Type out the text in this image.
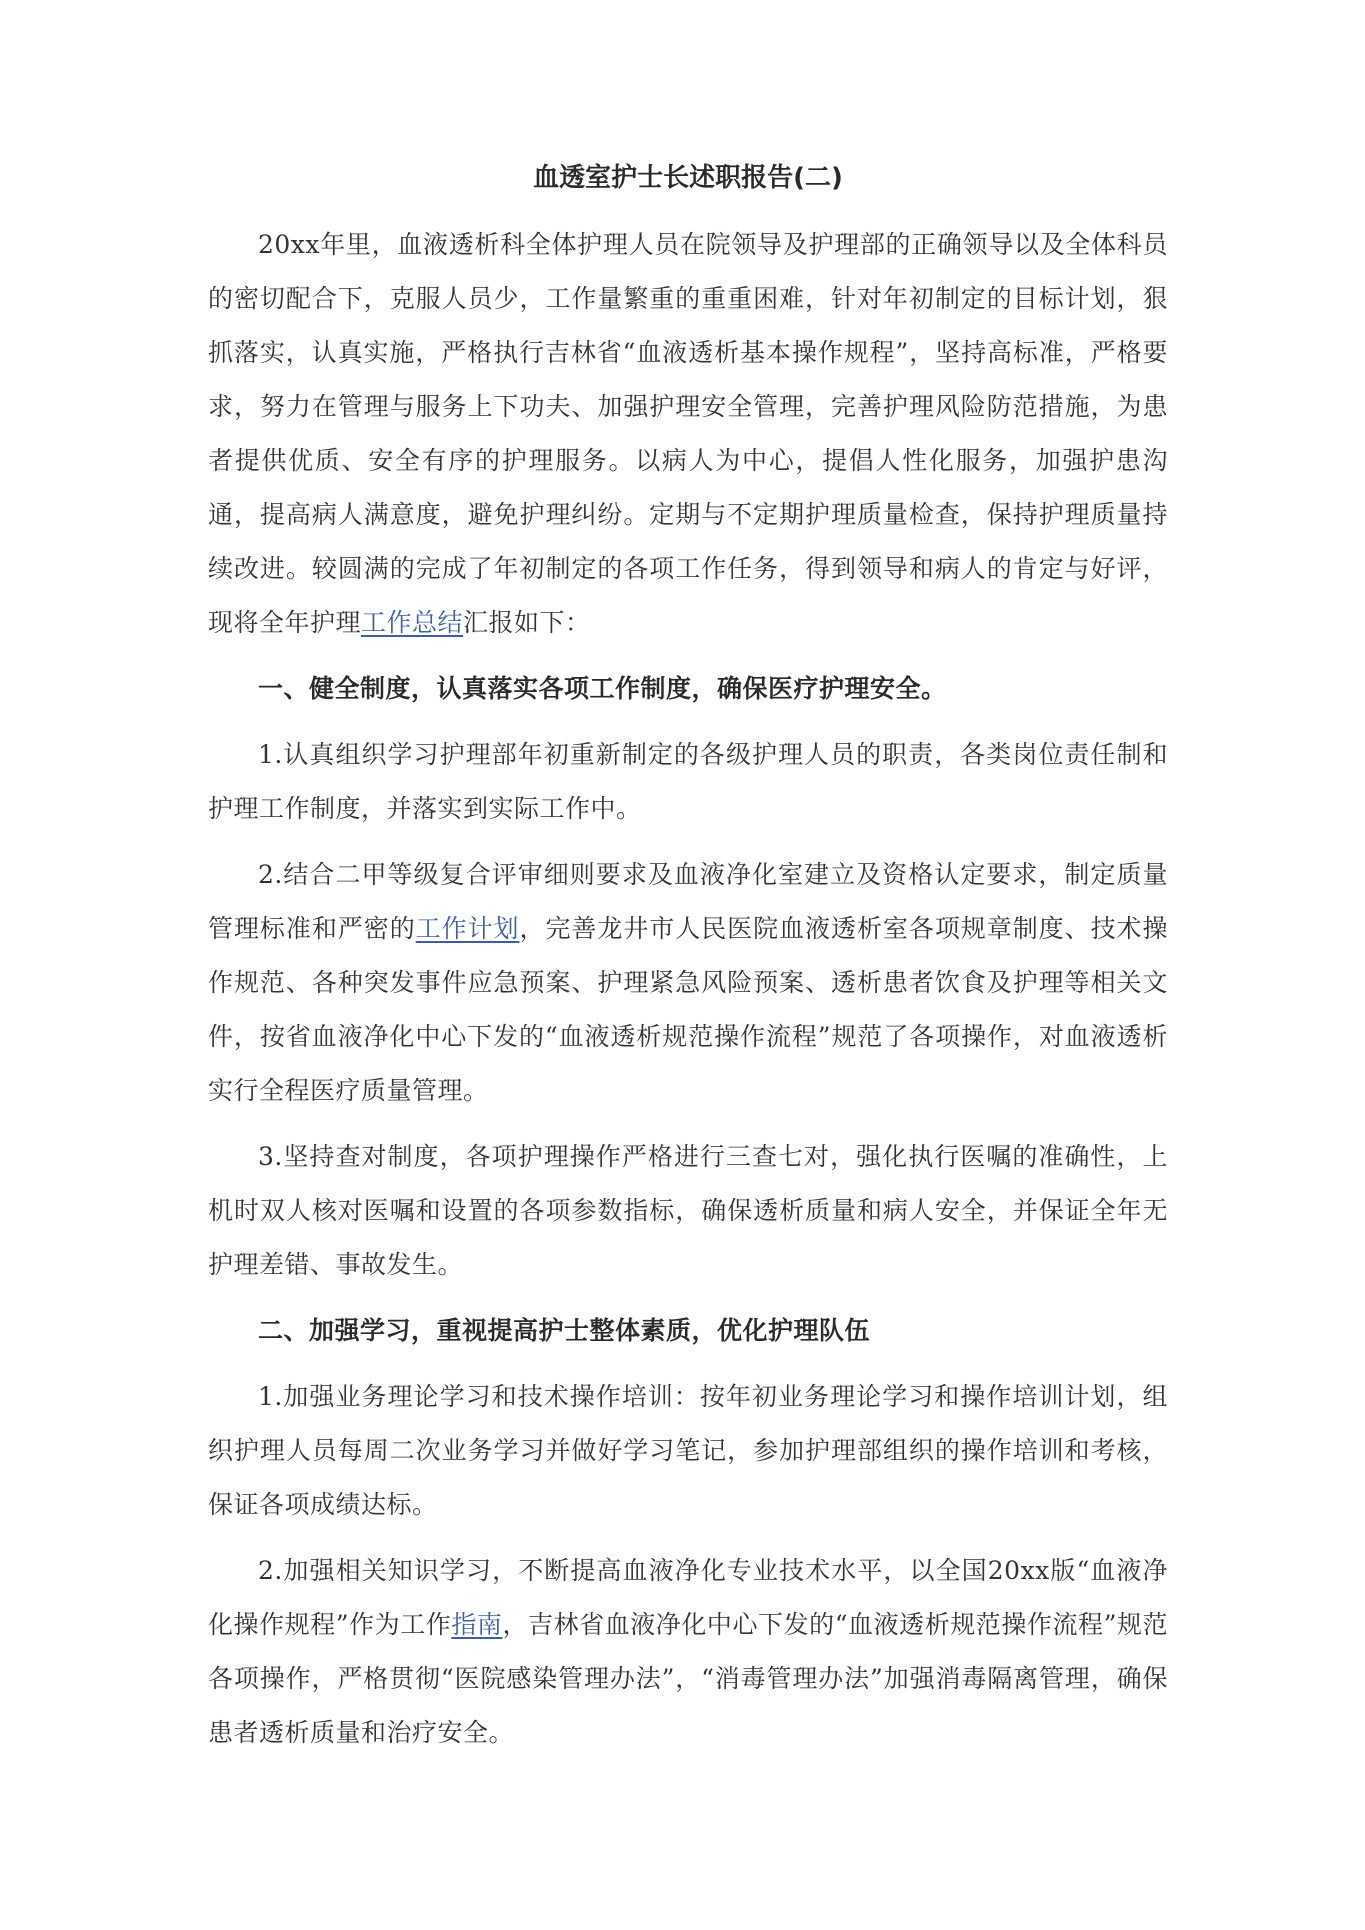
血透室护士长述职报告(二)

20xx年里，血液透析科全体护理人员在院领导及护理部的正确领导以及全体科员的密切配合下，克服人员少，工作量繁重的重重困难，针对年初制定的目标计划，狠抓落实，认真实施，严格执行吉林省“血液透析基本操作规程”，坚持高标准，严格要求，努力在管理与服务上下功夫、加强护理安全管理，完善护理风险防范措施，为患者提供优质、安全有序的护理服务。以病人为中心，提倡人性化服务，加强护患沟通，提高病人满意度，避免护理纠纷。定期与不定期护理质量检查，保持护理质量持续改进。较圆满的完成了年初制定的各项工作任务，得到领导和病人的肯定与好评，现将全年护理工作总结汇报如下：

一、健全制度，认真落实各项工作制度，确保医疗护理安全。

1.认真组织学习护理部年初重新制定的各级护理人员的职责，各类岗位责任制和护理工作制度，并落实到实际工作中。

2.结合二甲等级复合评审细则要求及血液净化室建立及资格认定要求，制定质量管理标准和严密的工作计划，完善龙井市人民医院血液透析室各项规章制度、技术操作规范、各种突发事件应急预案、护理紧急风险预案、透析患者饮食及护理等相关文件，按省血液净化中心下发的“血液透析规范操作流程”规范了各项操作，对血液透析实行全程医疗质量管理。

3.坚持查对制度，各项护理操作严格进行三查七对，强化执行医嘱的准确性，上机时双人核对医嘱和设置的各项参数指标，确保透析质量和病人安全，并保证全年无护理差错、事故发生。

二、加强学习，重视提高护士整体素质，优化护理队伍

1.加强业务理论学习和技术操作培训：按年初业务理论学习和操作培训计划，组织护理人员每周二次业务学习并做好学习笔记，参加护理部组织的操作培训和考核，保证各项成绩达标。

2.加强相关知识学习，不断提高血液净化专业技术水平，以全国20xx版“血液净化操作规程”作为工作指南，吉林省血液净化中心下发的“血液透析规范操作流程”规范各项操作，严格贯彻“医院感染管理办法”，“消毒管理办法”加强消毒隔离管理，确保患者透析质量和治疗安全。
